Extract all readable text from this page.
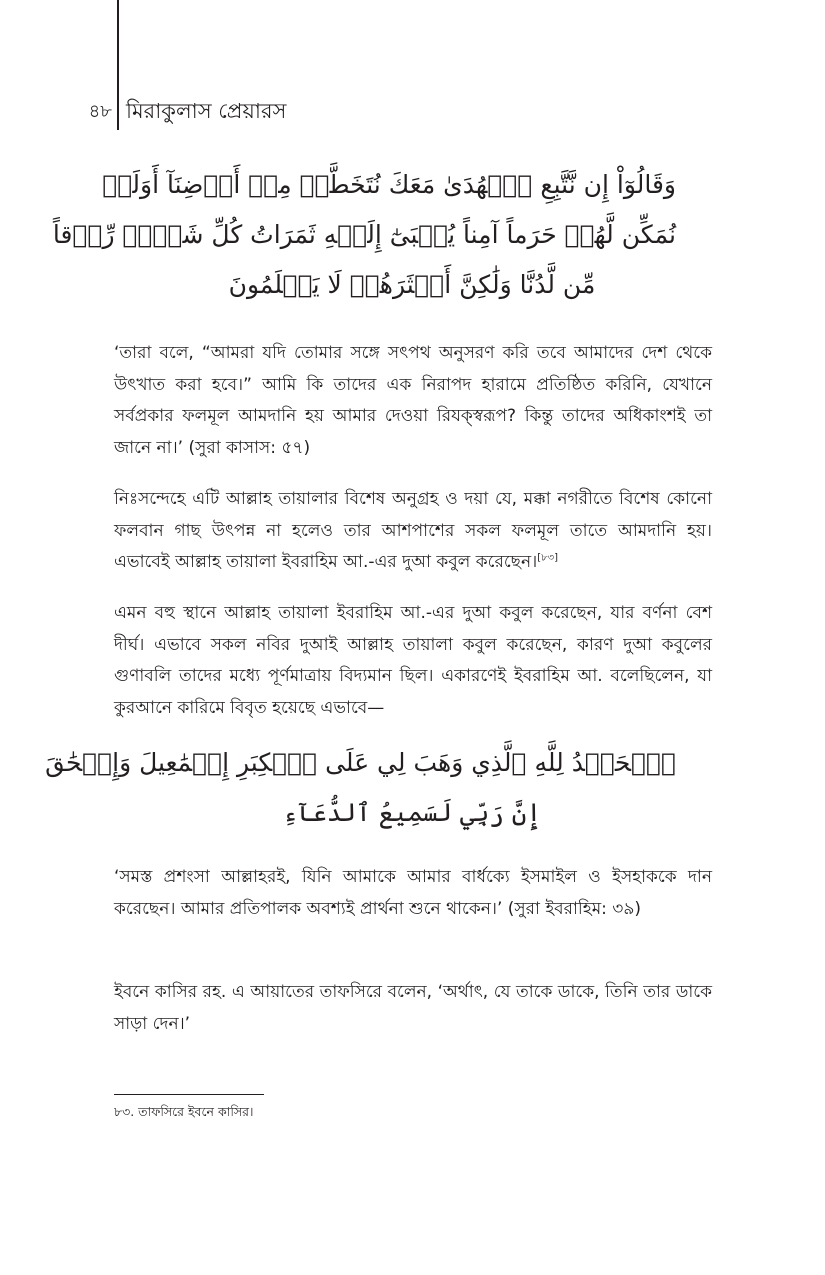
৪৮ মিরাকুলাস প্রেয়ারস
وَقَالُوٓاْ إِن نَّتَّبِعِ ٱلۡهُدَىٰ مَعَكَ نُتَخَطَّفۡ مِنۡ أَرۡضِنَآ أَوَلَمۡ
نُمَكِّن لَّهُمۡ حَرَماً آمِناً يُجۡبَىٰٓ إِلَيۡهِ ثَمَرَاتُ كُلِّ شَيۡءٖ رِّزۡقاً
مِّن لَّدُنَّا وَلَٰكِنَّ أَكۡثَرَهُمۡ لَا يَعۡلَمُونَ

‘তারা বলে, “আমরা যদি তোমার সঙ্গে সৎপথ অনুসরণ করি তবে আমাদের দেশ থেকে উৎখাত করা হবে।” আমি কি তাদের এক নিরাপদ হারামে প্রতিষ্ঠিত করিনি, যেখানে সর্বপ্রকার ফলমূল আমদানি হয় আমার দেওয়া রিযক্‌স্বরূপ? কিন্তু তাদের অধিকাংশই তা জানে না।’ (সুরা কাসাস: ৫৭)

নিঃসন্দেহে এটি আল্লাহ তায়ালার বিশেষ অনুগ্রহ ও দয়া যে, মক্কা নগরীতে বিশেষ কোনো ফলবান গাছ উৎপন্ন না হলেও তার আশপাশের সকল ফলমূল তাতে আমদানি হয়। এভাবেই আল্লাহ তায়ালা ইবরাহিম আ.-এর দুআ কবুল করেছেন।[৮৩]

এমন বহু স্থানে আল্লাহ তায়ালা ইবরাহিম আ.-এর দুআ কবুল করেছেন, যার বর্ণনা বেশ দীর্ঘ। এভাবে সকল নবির দুআই আল্লাহ তায়ালা কবুল করেছেন, কারণ দুআ কবুলের গুণাবলি তাদের মধ্যে পূর্ণমাত্রায় বিদ্যমান ছিল। একারণেই ইবরাহিম আ. বলেছিলেন, যা কুরআনে কারিমে বিবৃত হয়েছে এভাবে—

ٱلۡحَمۡدُ لِلَّهِ ٱلَّذِي وَهَبَ لِي عَلَى ٱلۡكِبَرِ إِسۡمَٰعِيلَ وَإِسۡحَٰقَ
إِنَّ رَبِّي لَسَمِيعُ ٱلدُّعَآءِ

‘সমস্ত প্রশংসা আল্লাহরই, যিনি আমাকে আমার বার্ধক্যে ইসমাইল ও ইসহাককে দান করেছেন। আমার প্রতিপালক অবশ্যই প্রার্থনা শুনে থাকেন।’ (সুরা ইবরাহিম: ৩৯)

ইবনে কাসির রহ. এ আয়াতের তাফসিরে বলেন, ‘অর্থাৎ, যে তাকে ডাকে, তিনি তার ডাকে সাড়া দেন।’

৮৩. তাফসিরে ইবনে কাসির।
